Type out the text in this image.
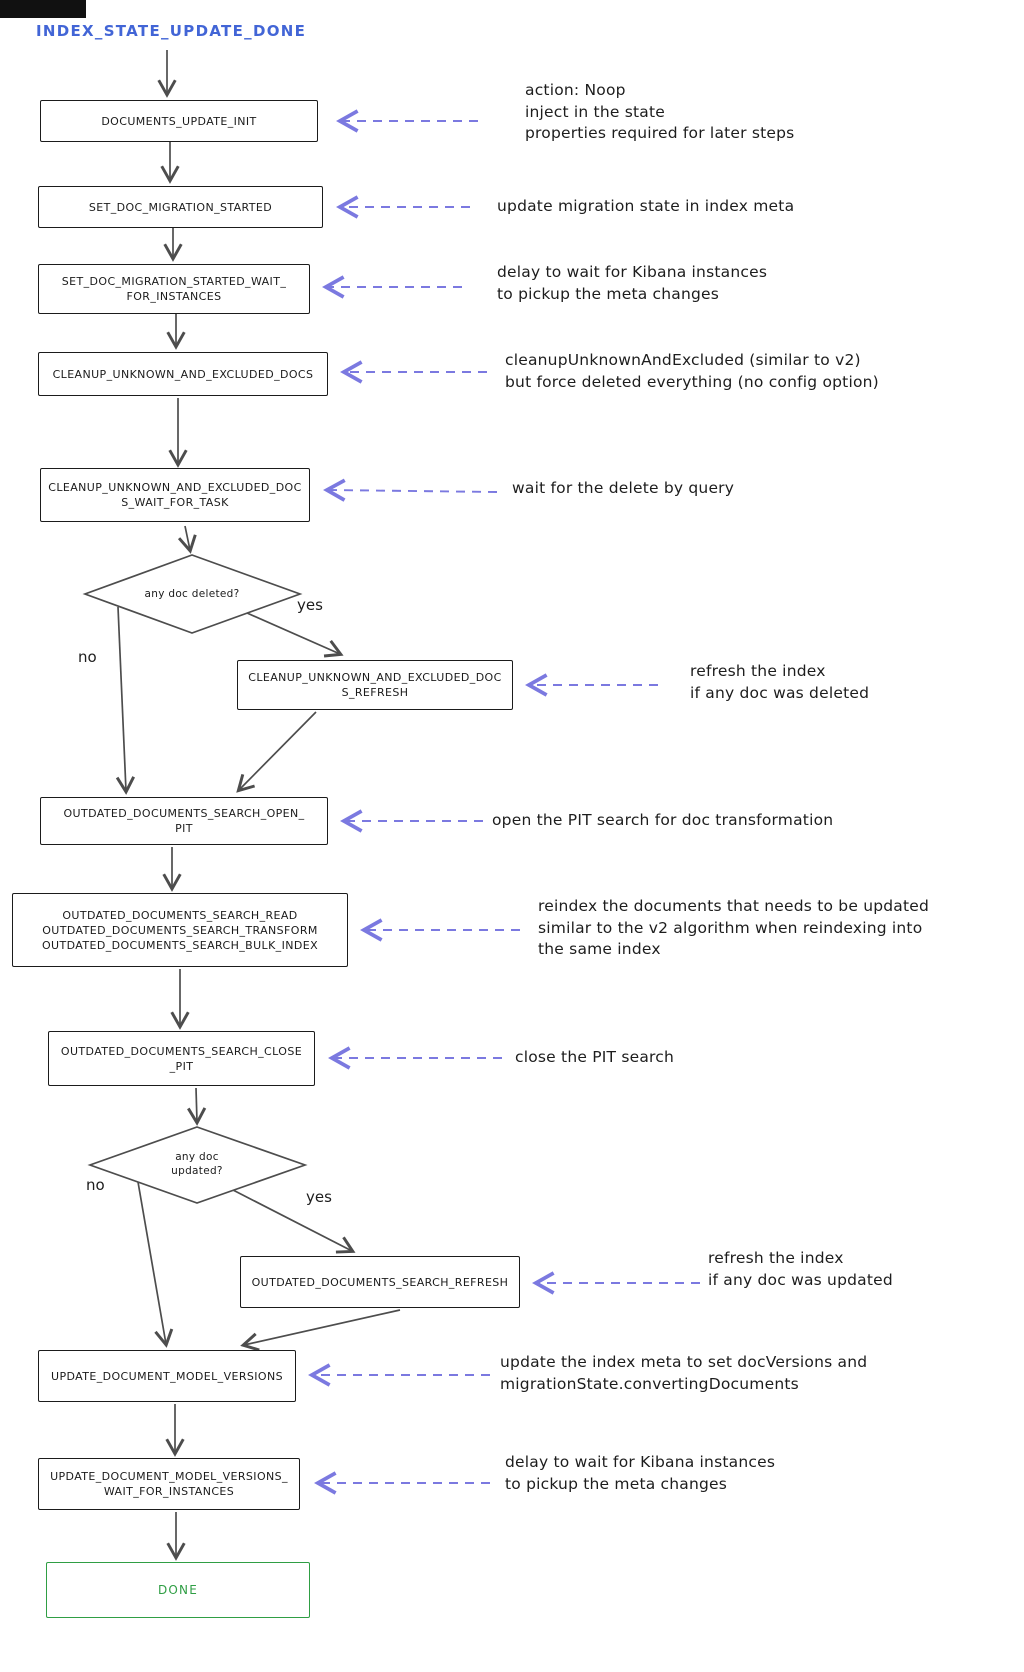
INDEX_STATE_UPDATE_DONE
DOCUMENTS_UPDATE_INIT
SET_DOC_MIGRATION_STARTED
SET_DOC_MIGRATION_STARTED_WAIT_
FOR_INSTANCES
CLEANUP_UNKNOWN_AND_EXCLUDED_DOCS
CLEANUP_UNKNOWN_AND_EXCLUDED_DOC
S_WAIT_FOR_TASK
CLEANUP_UNKNOWN_AND_EXCLUDED_DOC
S_REFRESH
OUTDATED_DOCUMENTS_SEARCH_OPEN_
PIT
OUTDATED_DOCUMENTS_SEARCH_READ
OUTDATED_DOCUMENTS_SEARCH_TRANSFORM
OUTDATED_DOCUMENTS_SEARCH_BULK_INDEX
OUTDATED_DOCUMENTS_SEARCH_CLOSE
_PIT
OUTDATED_DOCUMENTS_SEARCH_REFRESH
UPDATE_DOCUMENT_MODEL_VERSIONS
UPDATE_DOCUMENT_MODEL_VERSIONS_
WAIT_FOR_INSTANCES
DONE
any doc deleted?
any doc
updated?
yes
no
yes
no
action: Noop
inject in the state
properties required for later steps
update migration state in index meta
delay to wait for Kibana instances
to pickup the meta changes
cleanupUnknownAndExcluded (similar to v2)
but force deleted everything (no config option)
wait for the delete by query
refresh the index
if any doc was deleted
open the PIT search for doc transformation
reindex the documents that needs to be updated
similar to the v2 algorithm when reindexing into
the same index
close the PIT search
refresh the index
if any doc was updated
update the index meta to set docVersions and
migrationState.convertingDocuments
delay to wait for Kibana instances
to pickup the meta changes
